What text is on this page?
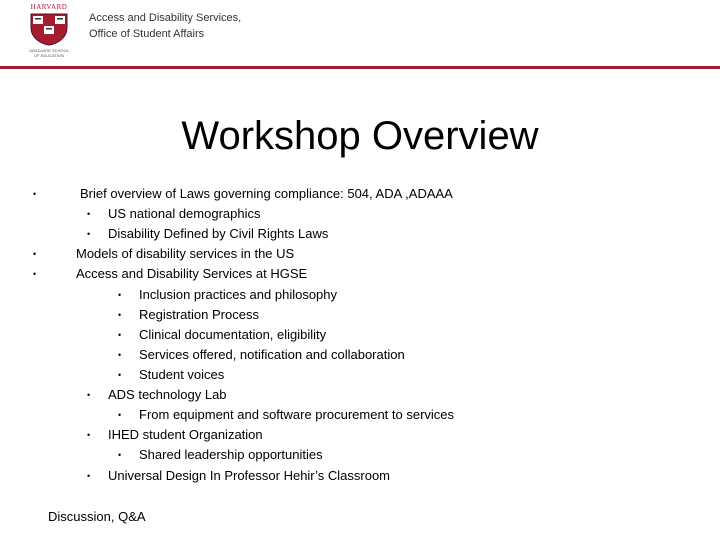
HARVARD
GRADUATE SCHOOL
OF EDUCATION
Access and Disability Services,
Office of Student Affairs
Workshop Overview
•	Brief overview of Laws governing compliance: 504, ADA ,ADAAA
• US national demographics
• Disability Defined by Civil Rights Laws
•	Models of disability services in the US
•	Access and Disability Services at HGSE
• Inclusion practices and philosophy
• Registration Process
• Clinical documentation, eligibility
• Services offered, notification and collaboration
• Student voices
• ADS technology Lab
• From equipment and software procurement to services
• IHED student Organization
• Shared leadership opportunities
• Universal Design In Professor Hehir’s Classroom
Discussion, Q&A
